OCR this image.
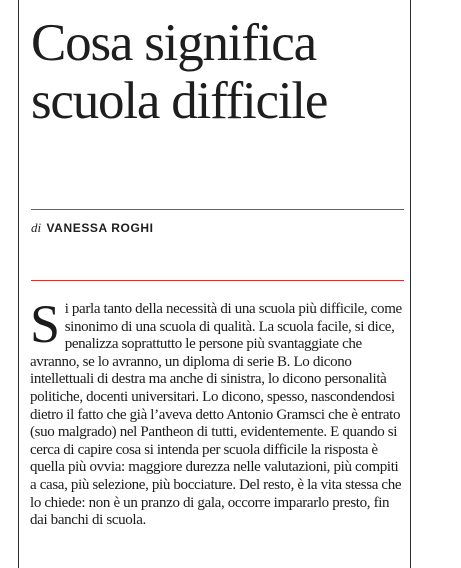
Cosa significa scuola difficile
di VANESSA ROGHI

Si parla tanto della necessità di una scuola più difficile, come sinonimo di una scuola di qualità. La scuola facile, si dice, penalizza soprattutto le persone più svantaggiate che avranno, se lo avranno, un diploma di serie B. Lo dicono intellettuali di destra ma anche di sinistra, lo dicono personalità politiche, docenti universitari. Lo dicono, spesso, nascondendosi dietro il fatto che già l’aveva detto Antonio Gramsci che è entrato (suo malgrado) nel Pantheon di tutti, evidentemente. E quando si cerca di capire cosa si intenda per scuola difficile la risposta è quella più ovvia: maggiore durezza nelle valutazioni, più compiti a casa, più selezione, più bocciature. Del resto, è la vita stessa che lo chiede: non è un pranzo di gala, occorre impararlo presto, fin dai banchi di scuola.
